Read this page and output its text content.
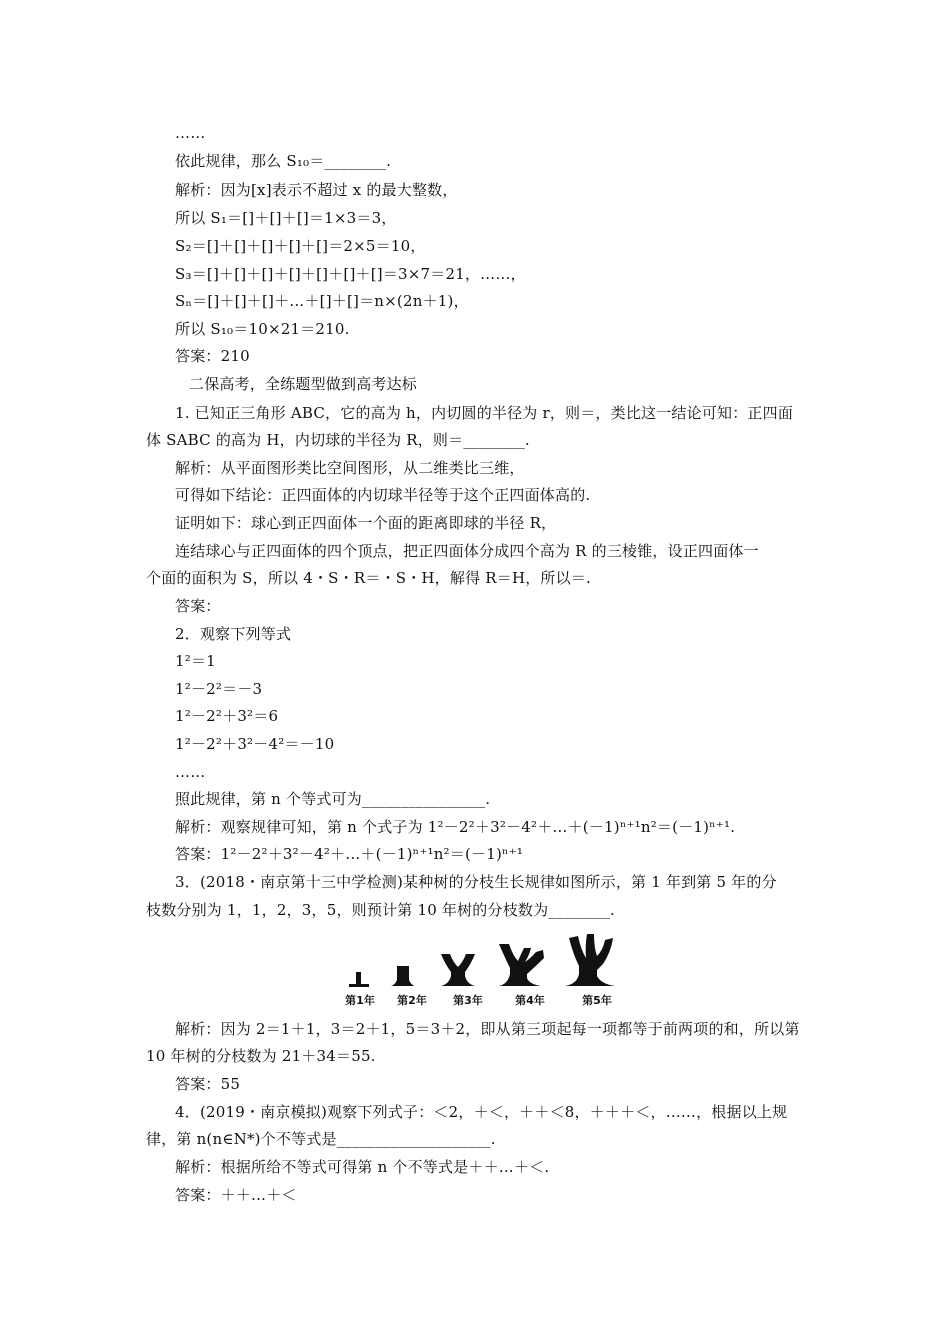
……
依此规律，那么 S₁₀＝________.
解析：因为[x]表示不超过 x 的最大整数，
所以 S₁＝[]＋[]＋[]＝1×3＝3，
S₂＝[]＋[]＋[]＋[]＋[]＝2×5＝10，
S₃＝[]＋[]＋[]＋[]＋[]＋[]＋[]＝3×7＝21，……，
Sₙ＝[]＋[]＋[]＋…＋[]＋[]＝n×(2n＋1)，
所以 S₁₀＝10×21＝210.
答案：210
二保高考，全练题型做到高考达标
1. 已知正三角形 ABC，它的高为 h，内切圆的半径为 r，则＝，类比这一结论可知：正四面
体 SABC 的高为 H，内切球的半径为 R，则＝________.
解析：从平面图形类比空间图形，从二维类比三维，
可得如下结论：正四面体的内切球半径等于这个正四面体高的.
证明如下：球心到正四面体一个面的距离即球的半径 R，
连结球心与正四面体的四个顶点，把正四面体分成四个高为 R 的三棱锥，设正四面体一
个面的面积为 S，所以 4・S・R＝・S・H，解得 R＝H，所以＝.
答案：
2．观察下列等式
1²＝1
1²－2²＝－3
1²－2²＋3²＝6
1²－2²＋3²－4²＝－10
……
照此规律，第 n 个等式可为________________.
解析：观察规律可知，第 n 个式子为 1²－2²＋3²－4²＋…＋(－1)ⁿ⁺¹n²＝(－1)ⁿ⁺¹.
答案：1²－2²＋3²－4²＋…＋(－1)ⁿ⁺¹n²＝(－1)ⁿ⁺¹
3．(2018・南京第十三中学检测)某种树的分枝生长规律如图所示，第 1 年到第 5 年的分
枝数分别为 1，1，2，3，5，则预计第 10 年树的分枝数为________.
第1年 第2年 第3年	第4年	第5年
解析：因为 2＝1＋1，3＝2＋1，5＝3＋2，即从第三项起每一项都等于前两项的和，所以第
10 年树的分枝数为 21＋34＝55.
答案：55
4．(2019・南京模拟)观察下列式子：＜2，＋＜，＋＋＜8，＋＋＋＜，……，根据以上规
律，第 n(n∈N*)个不等式是____________________.
解析：根据所给不等式可得第 n 个不等式是＋＋…＋＜.
答案：＋＋…＋＜
